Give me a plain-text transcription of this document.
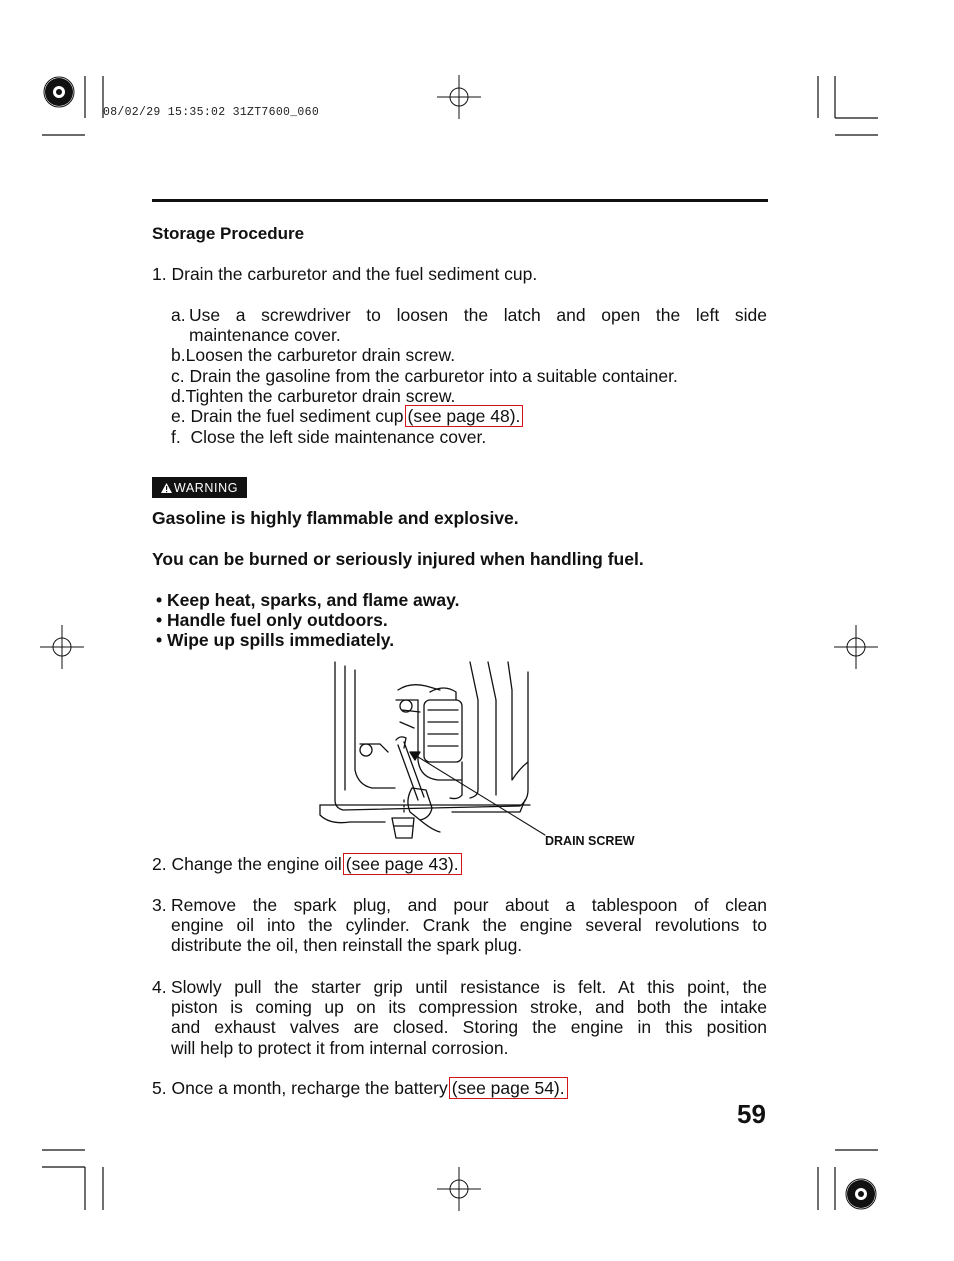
08/02/29 15:35:02 31ZT7600_060
Storage Procedure
1. Drain the carburetor and the fuel sediment cup.
a. Use a screwdriver to loosen the latch and open the left side
maintenance cover.
b.Loosen the carburetor drain screw.
c. Drain the gasoline from the carburetor into a suitable container.
d.Tighten the carburetor drain screw.
e. Drain the fuel sediment cup (see page 48).
f. Close the left side maintenance cover.
WARNING
Gasoline is highly flammable and explosive.
You can be burned or seriously injured when handling fuel.
• Keep heat, sparks, and flame away.
• Handle fuel only outdoors.
• Wipe up spills immediately.
DRAIN SCREW
2. Change the engine oil (see page 43).
3. Remove the spark plug, and pour about a tablespoon of clean
engine oil into the cylinder. Crank the engine several revolutions to
distribute the oil, then reinstall the spark plug.
4. Slowly pull the starter grip until resistance is felt. At this point, the
piston is coming up on its compression stroke, and both the intake
and exhaust valves are closed. Storing the engine in this position
will help to protect it from internal corrosion.
5. Once a month, recharge the battery (see page 54).
59
